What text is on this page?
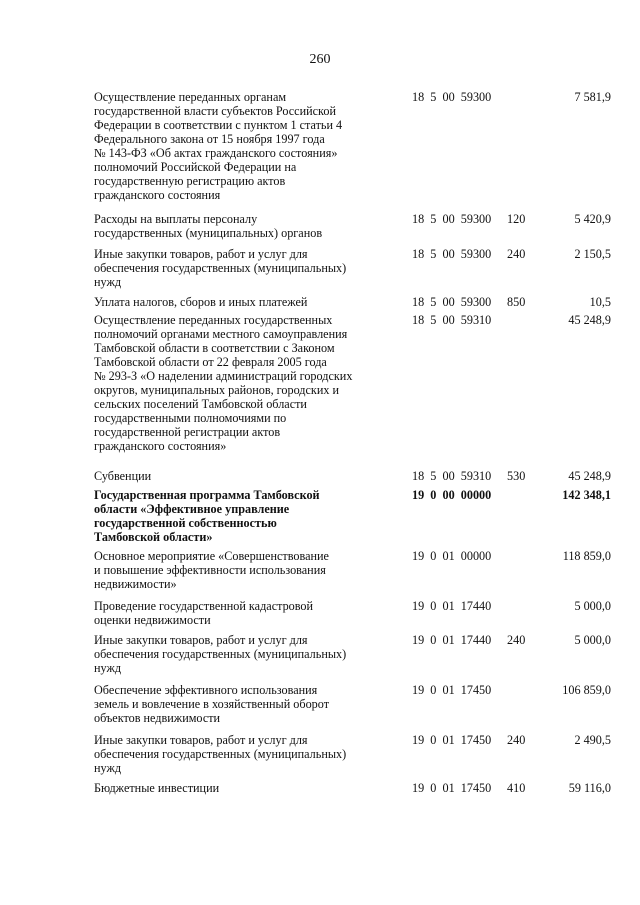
260
Осуществление переданных органам
государственной власти субъектов Российской
Федерации в соответствии с пунктом 1 статьи 4
Федерального закона от 15 ноября 1997 года
№ 143-ФЗ «Об актах гражданского состояния»
полномочий Российской Федерации на
государственную регистрацию актов
гражданского состояния
18  5  00  59300	7 581,9
Расходы на выплаты персоналу
государственных (муниципальных) органов
18  5  00  59300 120	5 420,9
Иные закупки товаров, работ и услуг для
обеспечения государственных (муниципальных)
нужд
18  5  00  59300 240	2 150,5
Уплата налогов, сборов и иных платежей	18  5  00  59300 850	10,5
Осуществление переданных государственных
полномочий органами местного самоуправления
Тамбовской области в соответствии с Законом
Тамбовской области от 22 февраля 2005 года
№ 293-З «О наделении администраций городских
округов, муниципальных районов, городских и
сельских поселений Тамбовской области
государственными полномочиями по
государственной регистрации актов
гражданского состояния»
18  5  00  59310	45 248,9
Субвенции	18  5  00  59310 530	45 248,9
Государственная программа Тамбовской
области «Эффективное управление
государственной собственностью
Тамбовской области»
19  0  00  00000	142 348,1
Основное мероприятие «Совершенствование
и повышение эффективности использования
недвижимости»
19  0  01  00000	118 859,0
Проведение государственной кадастровой
оценки недвижимости
19  0  01  17440	5 000,0
Иные закупки товаров, работ и услуг для
обеспечения государственных (муниципальных)
нужд
19  0  01  17440 240	5 000,0
Обеспечение эффективного использования
земель и вовлечение в хозяйственный оборот
объектов недвижимости
19  0  01  17450	106 859,0
Иные закупки товаров, работ и услуг для
обеспечения государственных (муниципальных)
нужд
19  0  01  17450 240	2 490,5
Бюджетные инвестиции	19  0  01  17450 410	59 116,0
